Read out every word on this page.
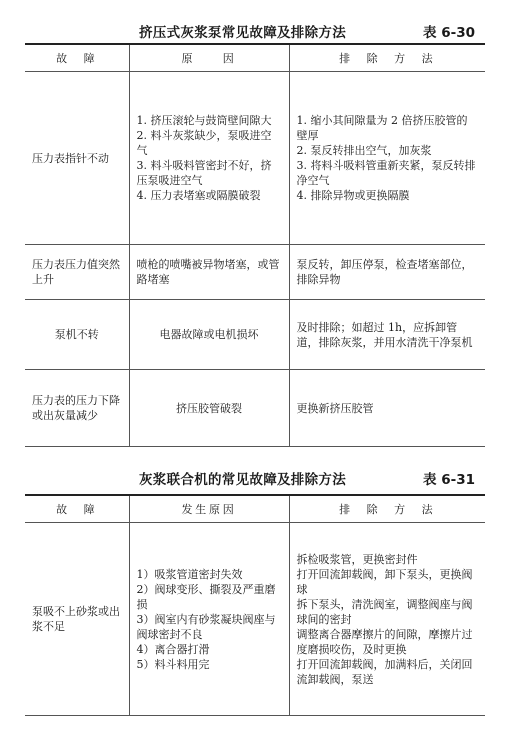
挤压式灰浆泵常见故障及排除方法	表 6-30
故　障	原　　因	排　除　方　法
压力表指针不动	1. 挤压滚轮与鼓筒壁间隙大
2. 料斗灰浆缺少，泵吸进空气
3. 料斗吸料管密封不好，挤压泵吸进空气
4. 压力表堵塞或隔膜破裂	1. 缩小其间隙量为 2 倍挤压胶管的壁厚
2. 泵反转排出空气，加灰浆
3. 将料斗吸料管重新夹紧，泵反转排净空气
4. 排除异物或更换隔膜

压力表压力值突然上升	喷枪的喷嘴被异物堵塞，或管路堵塞	泵反转，卸压停泵，检查堵塞部位，排除异物

泵机不转	电器故障或电机损坏	及时排除；如超过 1h，应拆卸管道，排除灰浆，并用水清洗干净泵机

压力表的压力下降或出灰量减少	挤压胶管破裂	更换新挤压胶管
灰浆联合机的常见故障及排除方法	表 6-31
故　障	发生原因	排　除　方　法
泵吸不上砂浆或出浆不足	1）吸浆管道密封失效
2）阀球变形、撕裂及严重磨损
3）阀室内有砂浆凝块阀座与阀球密封不良
4）离合器打滑
5）料斗料用完	拆检吸浆管，更换密封件
打开回流卸载阀，卸下泵头，更换阀球
拆下泵头，清洗阀室，调整阀座与阀球间的密封
调整离合器摩擦片的间隙，摩擦片过度磨损咬伤，及时更换
打开回流卸载阀，加满料后，关闭回流卸载阀，泵送
